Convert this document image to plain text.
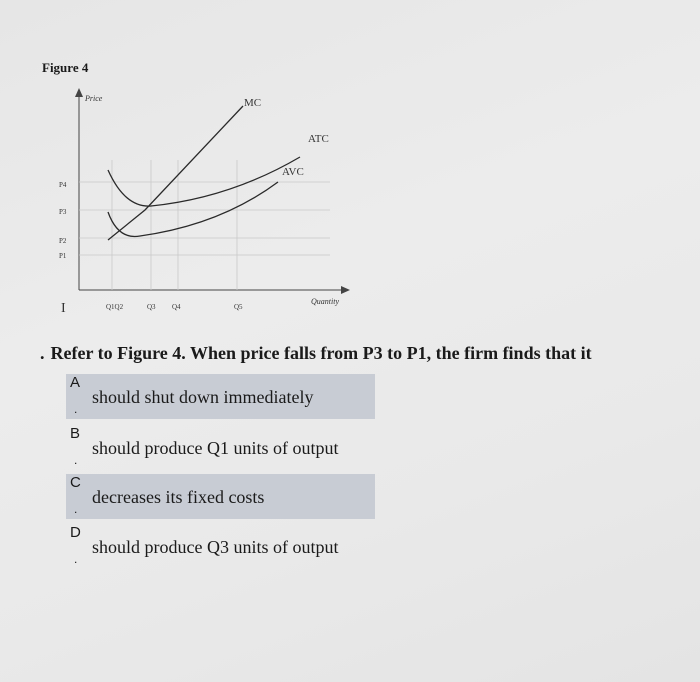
Figure 4
Price
Quantity
P4
P3
P2
P1
I	Q1Q2	Q3 Q4	Q5
MC
ATC
AVC
. Refer to Figure 4. When price falls from P3 to P1, the firm finds that it
A
.
should shut down immediately
B
.
should produce Q1 units of output
C
.
decreases its fixed costs
D
.
should produce Q3 units of output
